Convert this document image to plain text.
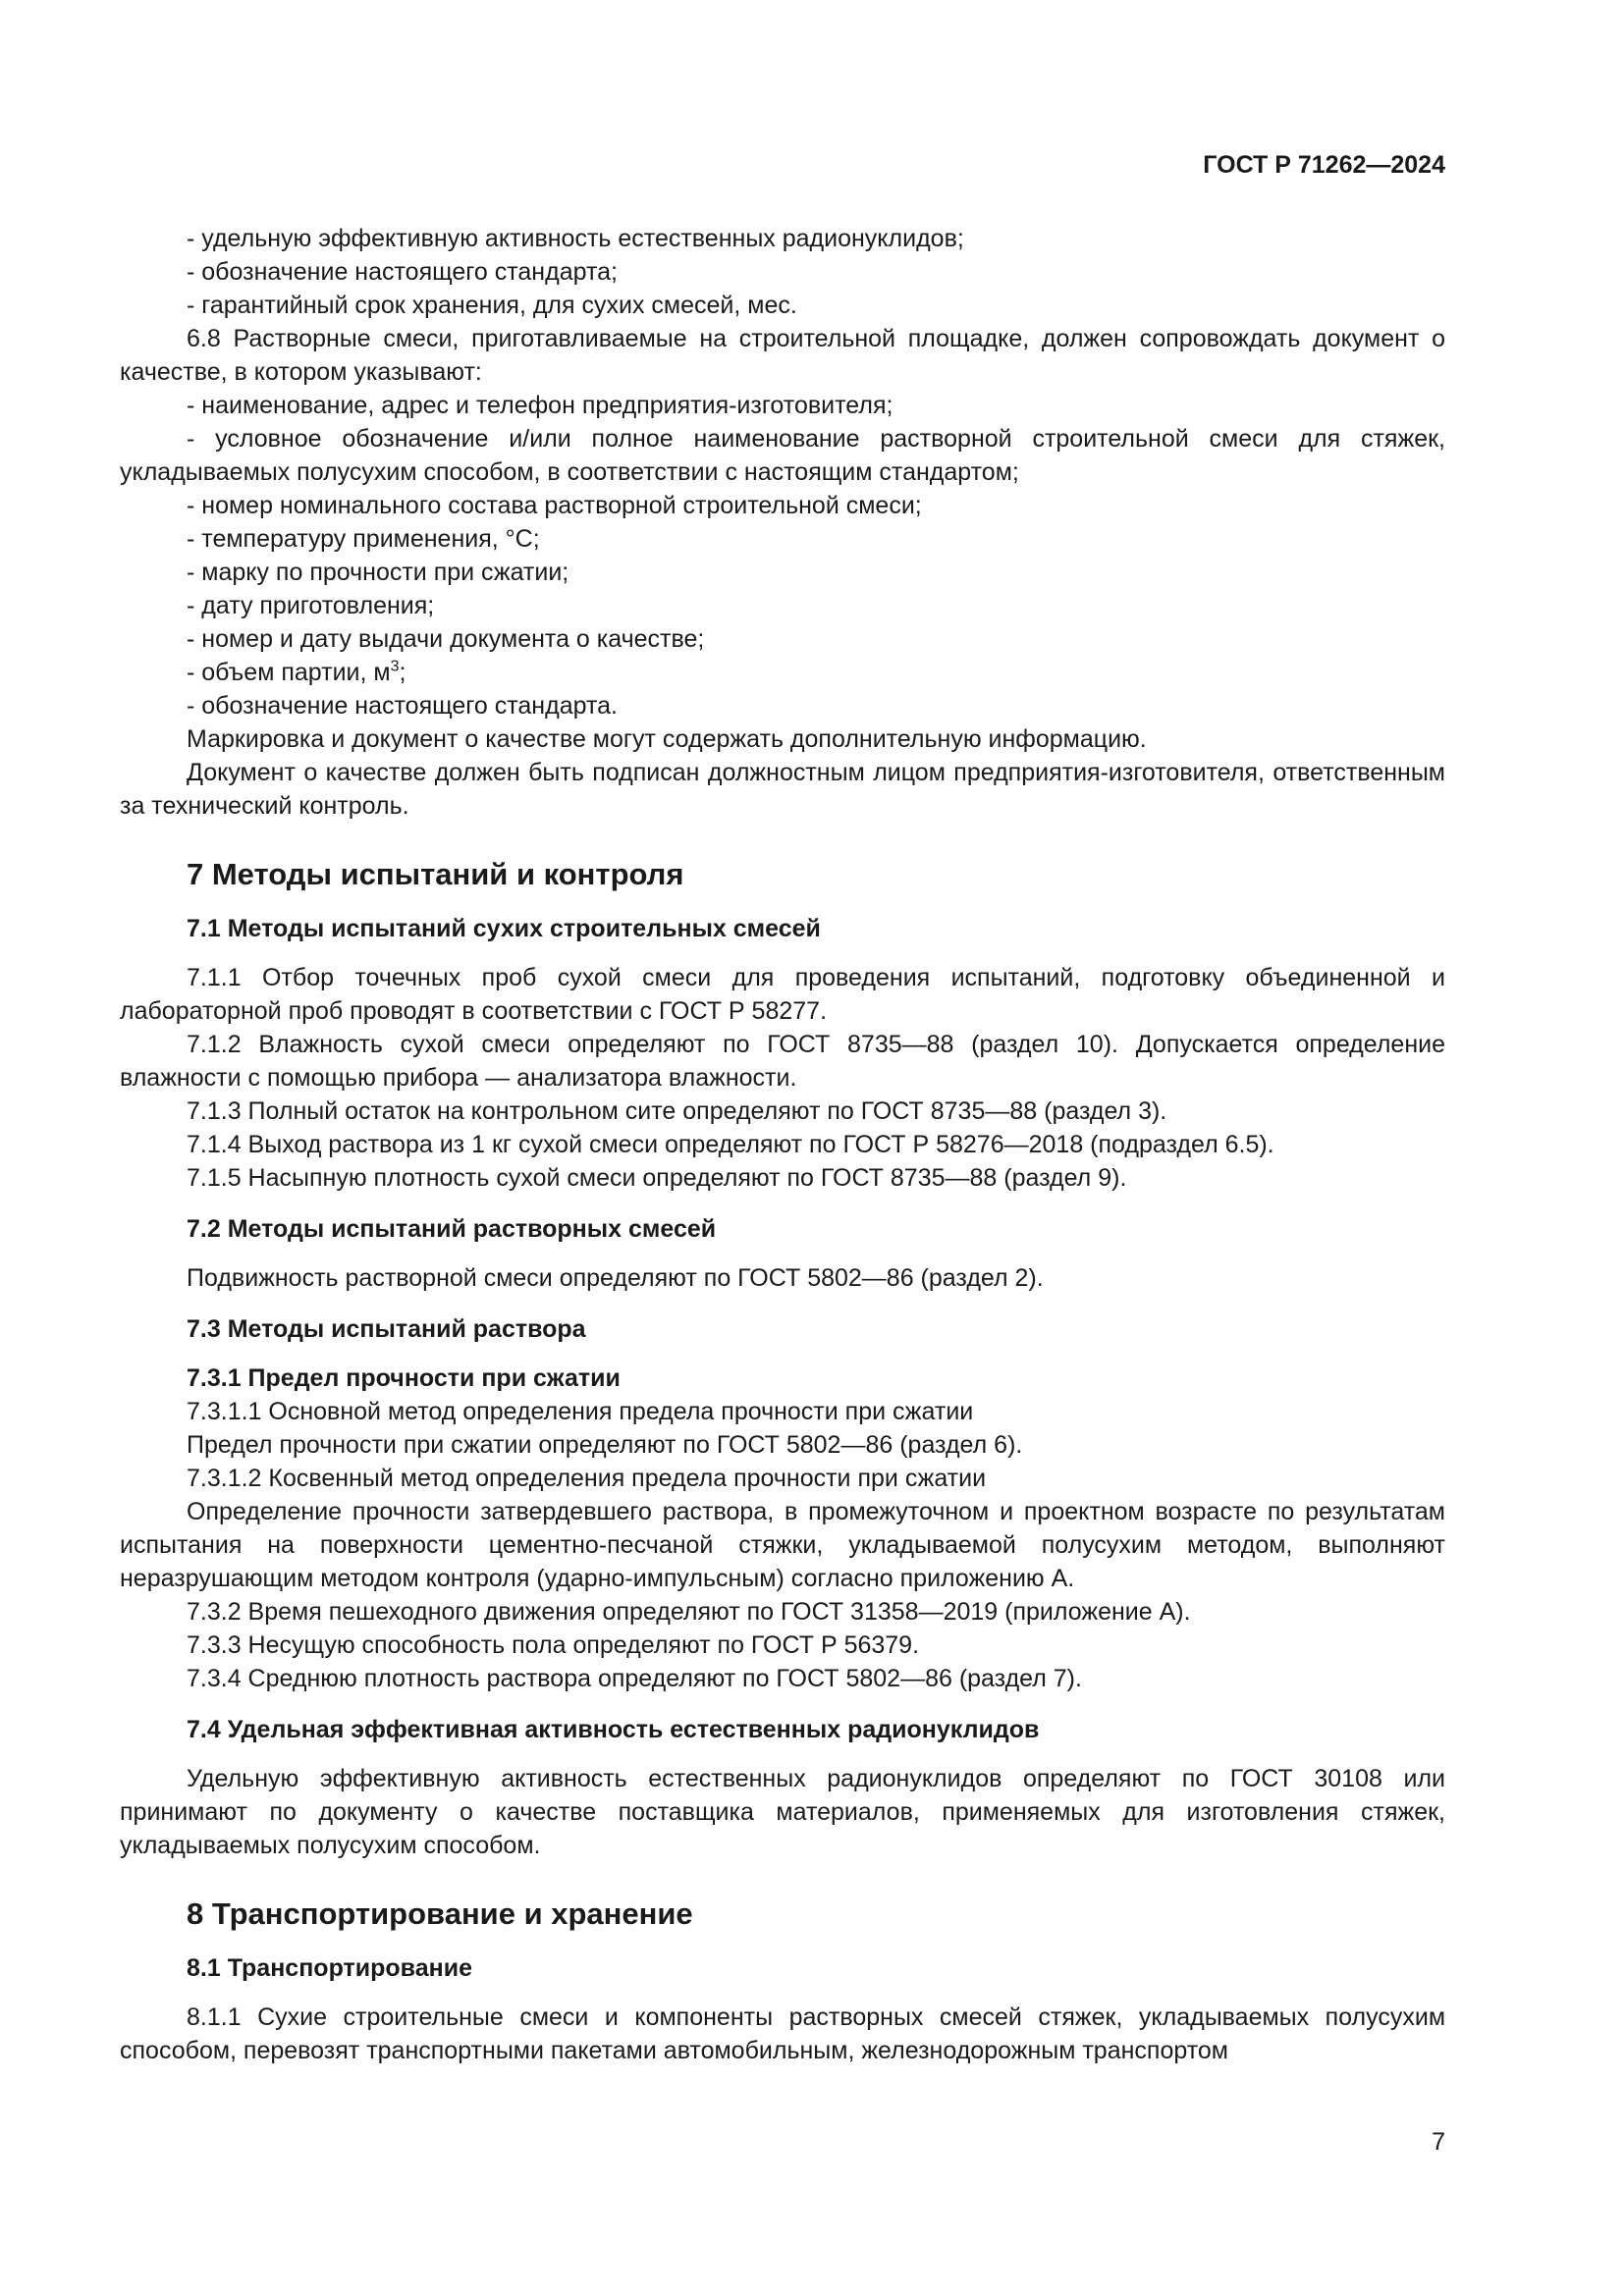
ГОСТ Р 71262—2024

- удельную эффективную активность естественных радионуклидов;

- обозначение настоящего стандарта;

- гарантийный срок хранения, для сухих смесей, мес.

6.8 Растворные смеси, приготавливаемые на строительной площадке, должен сопровождать документ о качестве, в котором указывают:

- наименование, адрес и телефон предприятия-изготовителя;

- условное обозначение и/или полное наименование растворной строительной смеси для стяжек, укладываемых полусухим способом, в соответствии с настоящим стандартом;

- номер номинального состава растворной строительной смеси;

- температуру применения, °С;

- марку по прочности при сжатии;

- дату приготовления;

- номер и дату выдачи документа о качестве;

- объем партии, $м^3$;

- обозначение настоящего стандарта.

Маркировка и документ о качестве могут содержать дополнительную информацию.

Документ о качестве должен быть подписан должностным лицом предприятия-изготовителя, ответственным за технический контроль.

7 Методы испытаний и контроля
7.1 Методы испытаний сухих строительных смесей

7.1.1 Отбор точечных проб сухой смеси для проведения испытаний, подготовку объединенной и лабораторной проб проводят в соответствии с ГОСТ Р 58277.

7.1.2 Влажность сухой смеси определяют по ГОСТ 8735—88 (раздел 10). Допускается определение влажности с помощью прибора — анализатора влажности.

7.1.3 Полный остаток на контрольном сите определяют по ГОСТ 8735—88 (раздел 3).

7.1.4 Выход раствора из 1 кг сухой смеси определяют по ГОСТ Р 58276—2018 (подраздел 6.5).

7.1.5 Насыпную плотность сухой смеси определяют по ГОСТ 8735—88 (раздел 9).

7.2 Методы испытаний растворных смесей

Подвижность растворной смеси определяют по ГОСТ 5802—86 (раздел 2).

7.3 Методы испытаний раствора

7.3.1 Предел прочности при сжатии

7.3.1.1 Основной метод определения предела прочности при сжатии

Предел прочности при сжатии определяют по ГОСТ 5802—86 (раздел 6).

7.3.1.2 Косвенный метод определения предела прочности при сжатии

Определение прочности затвердевшего раствора, в промежуточном и проектном возрасте по результатам испытания на поверхности цементно-песчаной стяжки, укладываемой полусухим методом, выполняют неразрушающим методом контроля (ударно-импульсным) согласно приложению А.

7.3.2 Время пешеходного движения определяют по ГОСТ 31358—2019 (приложение А).

7.3.3 Несущую способность пола определяют по ГОСТ Р 56379.

7.3.4 Среднюю плотность раствора определяют по ГОСТ 5802—86 (раздел 7).

7.4 Удельная эффективная активность естественных радионуклидов

Удельную эффективную активность естественных радионуклидов определяют по ГОСТ 30108 или принимают по документу о качестве поставщика материалов, применяемых для изготовления стяжек, укладываемых полусухим способом.

8 Транспортирование и хранение
8.1 Транспортирование

8.1.1 Сухие строительные смеси и компоненты растворных смесей стяжек, укладываемых полусухим способом, перевозят транспортными пакетами автомобильным, железнодорожным транспортом

7
